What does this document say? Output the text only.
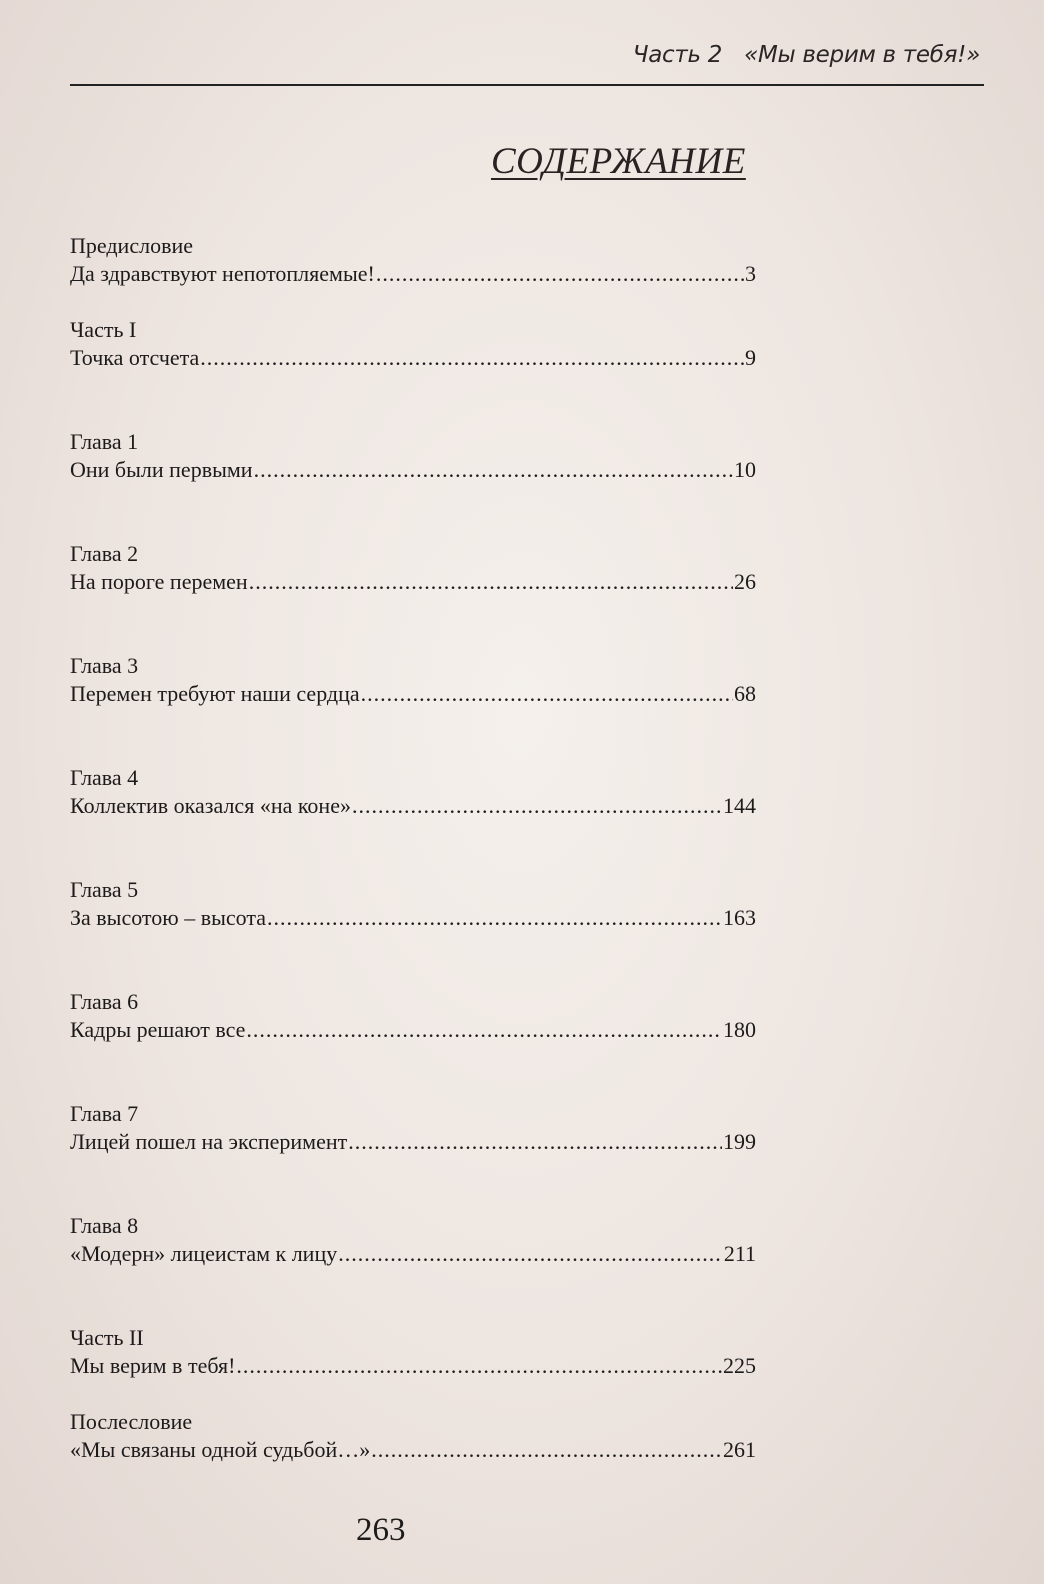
Часть 2 «Мы верим в тебя!»
СОДЕРЖАНИЕ
Предисловие
Да здравствуют непотопляемые! .....	3
Часть I
Точка отсчета .....	9
Глава 1
Они были первыми .....	10
Глава 2
На пороге перемен .....	26
Глава 3
Перемен требуют наши сердца .....	68
Глава 4
Коллектив оказался «на коне» .....	144
Глава 5
За высотою – высота .....	163
Глава 6
Кадры решают все .....	180
Глава 7
Лицей пошел на эксперимент .....	199
Глава 8
«Модерн» лицеистам к лицу .....	211
Часть II
Мы верим в тебя! .....	225
Послесловие
«Мы связаны одной судьбой…» .....	261
263
